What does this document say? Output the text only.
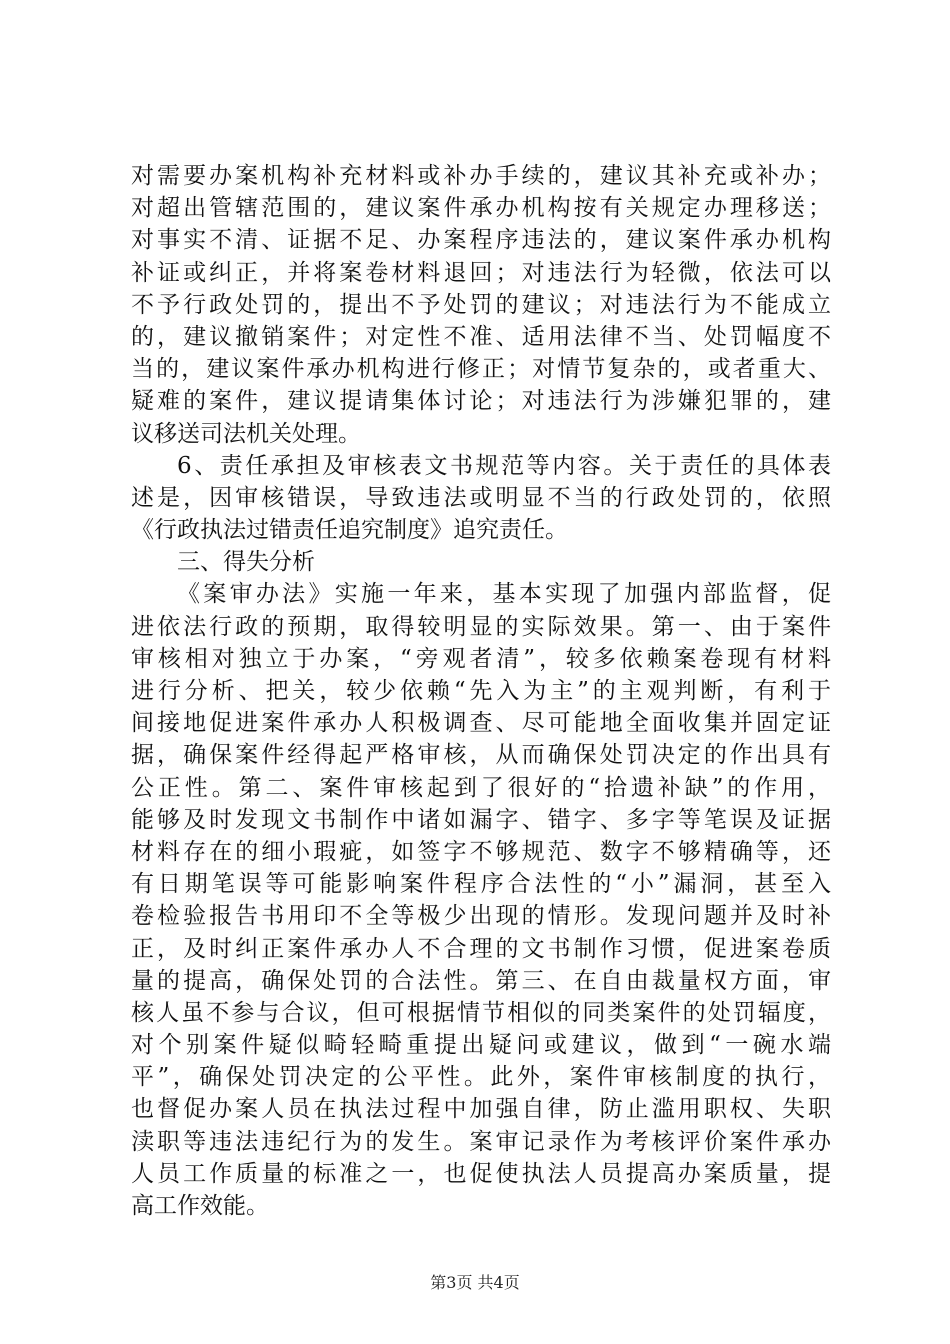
对需要办案机构补充材料或补办手续的，建议其补充或补办；
对超出管辖范围的，建议案件承办机构按有关规定办理移送；
对事实不清、证据不足、办案程序违法的，建议案件承办机构
补证或纠正，并将案卷材料退回；对违法行为轻微，依法可以
不予行政处罚的，提出不予处罚的建议；对违法行为不能成立
的，建议撤销案件；对定性不准、适用法律不当、处罚幅度不
当的，建议案件承办机构进行修正；对情节复杂的，或者重大、
疑难的案件，建议提请集体讨论；对违法行为涉嫌犯罪的，建
议移送司法机关处理。
6、责任承担及审核表文书规范等内容。关于责任的具体表
述是，因审核错误，导致违法或明显不当的行政处罚的，依照
《行政执法过错责任追究制度》追究责任。
三、得失分析
《案审办法》实施一年来，基本实现了加强内部监督，促
进依法行政的预期，取得较明显的实际效果。第一、由于案件
审核相对独立于办案，“旁观者清”，较多依赖案卷现有材料
进行分析、把关，较少依赖“先入为主”的主观判断，有利于
间接地促进案件承办人积极调查、尽可能地全面收集并固定证
据，确保案件经得起严格审核，从而确保处罚决定的作出具有
公正性。第二、案件审核起到了很好的“拾遗补缺”的作用，
能够及时发现文书制作中诸如漏字、错字、多字等笔误及证据
材料存在的细小瑕疵，如签字不够规范、数字不够精确等，还
有日期笔误等可能影响案件程序合法性的“小”漏洞，甚至入
卷检验报告书用印不全等极少出现的情形。发现问题并及时补
正，及时纠正案件承办人不合理的文书制作习惯，促进案卷质
量的提高，确保处罚的合法性。第三、在自由裁量权方面，审
核人虽不参与合议，但可根据情节相似的同类案件的处罚辐度，
对个别案件疑似畸轻畸重提出疑问或建议，做到“一碗水端
平”，确保处罚决定的公平性。此外，案件审核制度的执行，
也督促办案人员在执法过程中加强自律，防止滥用职权、失职
渎职等违法违纪行为的发生。案审记录作为考核评价案件承办
人员工作质量的标准之一，也促使执法人员提高办案质量，提
高工作效能。
第3页 共4页
